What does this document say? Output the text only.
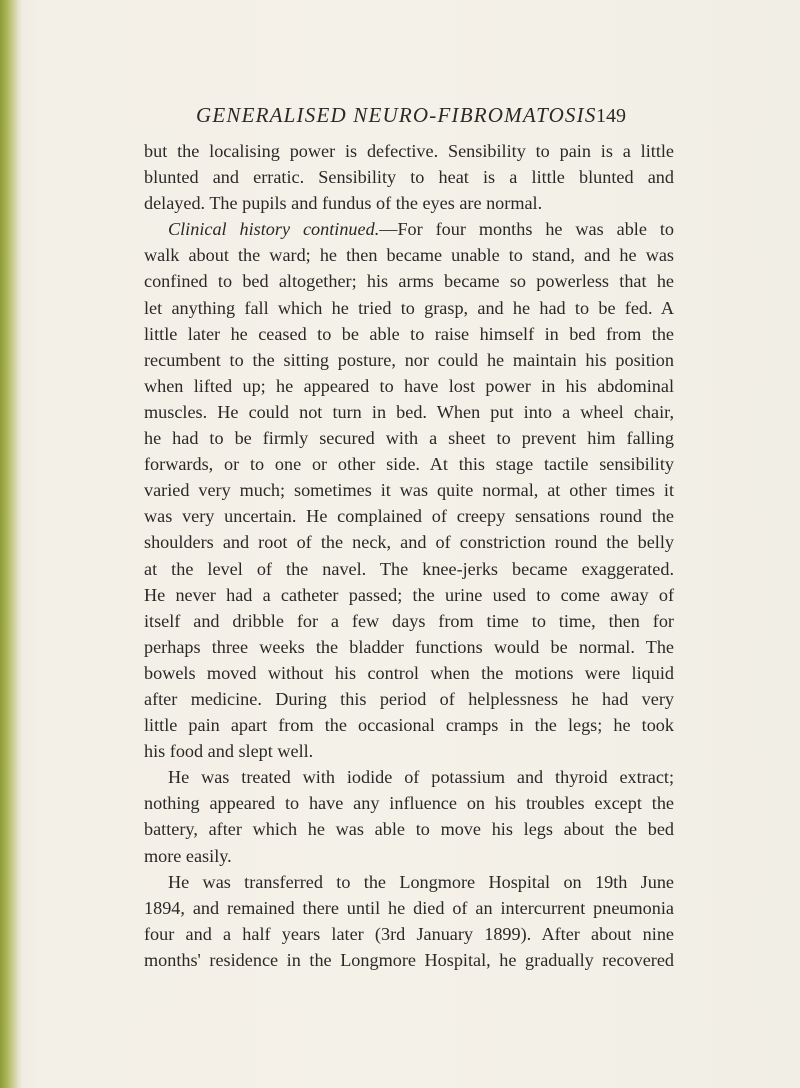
GENERALISED NEURO-FIBROMATOSIS 149
but the localising power is defective. Sensibility to pain is a little
blunted and erratic. Sensibility to heat is a little blunted and
delayed. The pupils and fundus of the eyes are normal.
Clinical history continued.—For four months he was able to
walk about the ward; he then became unable to stand, and he was
confined to bed altogether; his arms became so powerless that he
let anything fall which he tried to grasp, and he had to be fed. A
little later he ceased to be able to raise himself in bed from the
recumbent to the sitting posture, nor could he maintain his position
when lifted up; he appeared to have lost power in his abdominal
muscles. He could not turn in bed. When put into a wheel chair,
he had to be firmly secured with a sheet to prevent him falling
forwards, or to one or other side. At this stage tactile sensibility
varied very much; sometimes it was quite normal, at other times it
was very uncertain. He complained of creepy sensations round the
shoulders and root of the neck, and of constriction round the belly
at the level of the navel. The knee-jerks became exaggerated.
He never had a catheter passed; the urine used to come away of
itself and dribble for a few days from time to time, then for
perhaps three weeks the bladder functions would be normal. The
bowels moved without his control when the motions were liquid
after medicine. During this period of helplessness he had very
little pain apart from the occasional cramps in the legs; he took
his food and slept well.
He was treated with iodide of potassium and thyroid extract;
nothing appeared to have any influence on his troubles except the
battery, after which he was able to move his legs about the bed
more easily.
He was transferred to the Longmore Hospital on 19th June
1894, and remained there until he died of an intercurrent pneumonia
four and a half years later (3rd January 1899). After about nine
months' residence in the Longmore Hospital, he gradually recovered
